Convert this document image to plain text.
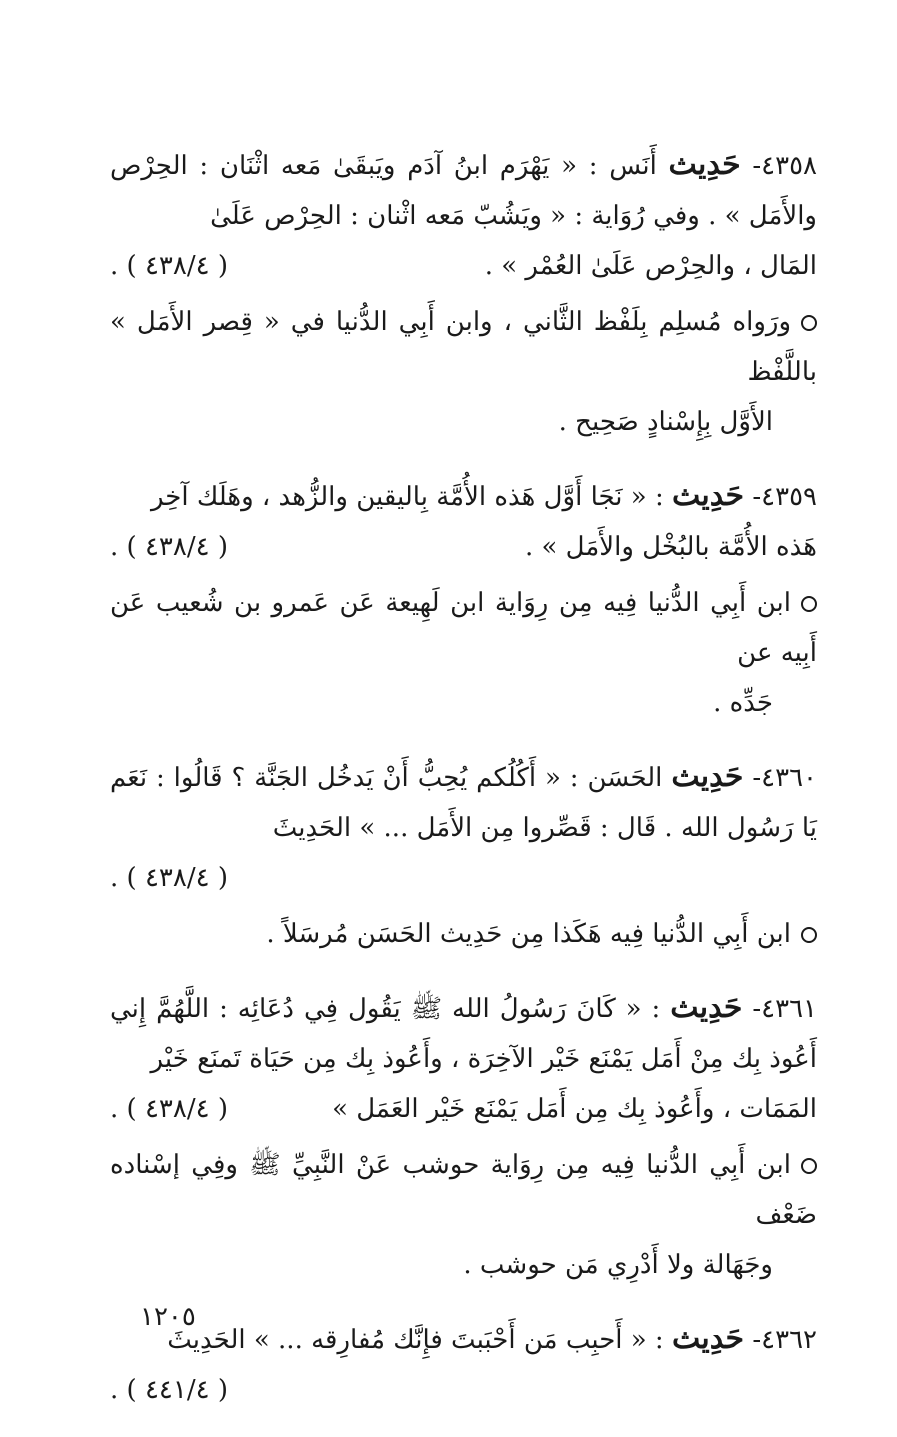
٤٣٥٨- حَدِيث أَنَس : « يَهْرَم ابنُ آدَم ويَبقَىٰ مَعه اثْنَان : الحِرْص والأَمَل » . وفي رُوَاية : « ويَشُبّ مَعه اثْنان : الحِرْص عَلَىٰ
المَال ، والحِرْص عَلَىٰ العُمْر » .
( ٤٣٨/٤ ) .
ورَواه مُسلِم بِلَفْظ الثَّاني ، وابن أَبِي الدُّنيا في « قِصر الأَمَل » باللَّفْظ
الأَوَّل بِإِسْنادٍ صَحِيح .
٤٣٥٩- حَدِيث : « نَجَا أَوَّل هَذه الأُمَّة بِاليقين والزُّهد ، وهَلَك آخِر
هَذه الأُمَّة بالبُخْل والأَمَل » .
( ٤٣٨/٤ ) .
ابن أَبِي الدُّنيا فِيه مِن رِوَاية ابن لَهِيعة عَن عَمرو بن شُعيب عَن أَبِيه عن
جَدِّه .
٤٣٦٠- حَدِيث الحَسَن : « أَكُلُكم يُحِبُّ أَنْ يَدخُل الجَنَّة ؟ قَالُوا : نَعَم يَا رَسُول الله . قَال : قَصِّروا مِن الأَمَل ... » الحَدِيثَ
( ٤٣٨/٤ ) .
ابن أَبِي الدُّنيا فِيه هَكَذا مِن حَدِيث الحَسَن مُرسَلاً .
٤٣٦١- حَدِيث : « كَانَ رَسُولُ الله ﷺ يَقُول فِي دُعَائِه : اللَّهُمَّ إِني أَعُوذ بِك مِنْ أَمَل يَمْنَع خَيْر الآخِرَة ، وأَعُوذ بِك مِن حَيَاة تَمنَع خَيْر
المَمَات ، وأَعُوذ بِك مِن أَمَل يَمْنَع خَيْر العَمَل »
( ٤٣٨/٤ ) .
ابن أَبِي الدُّنيا فِيه مِن رِوَاية حوشب عَنْ النَّبِيِّ ﷺ وفِي إسْناده ضَعْف
وجَهَالة ولا أَدْرِي مَن حوشب .
٤٣٦٢- حَدِيث : « أَحبِب مَن أَحْبَبتَ فإِنَّك مُفارِقه ... » الحَدِيثَ
( ٤٤١/٤ ) .
١٢٠٥
